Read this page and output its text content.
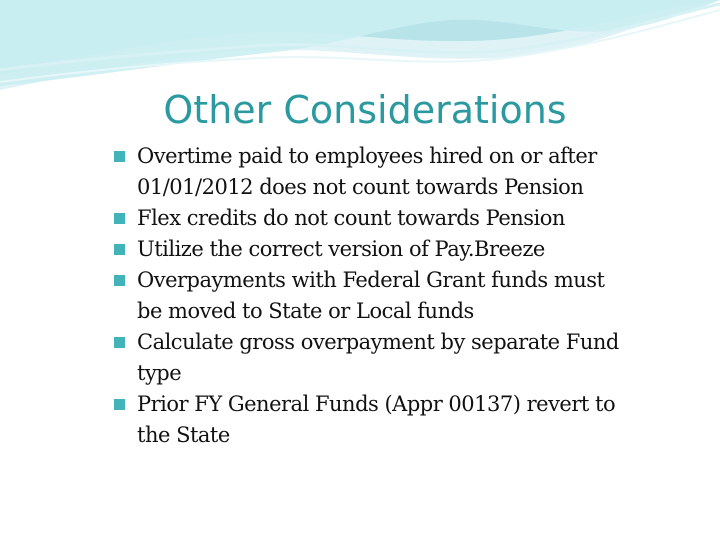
Other Considerations
Overtime paid to employees hired on or after 01/01/2012 does not count towards Pension
Flex credits do not count towards Pension
Utilize the correct version of Pay.Breeze
Overpayments with Federal Grant funds must be moved to State or Local funds
Calculate gross overpayment by separate Fund type
Prior FY General Funds (Appr 00137) revert to the State
